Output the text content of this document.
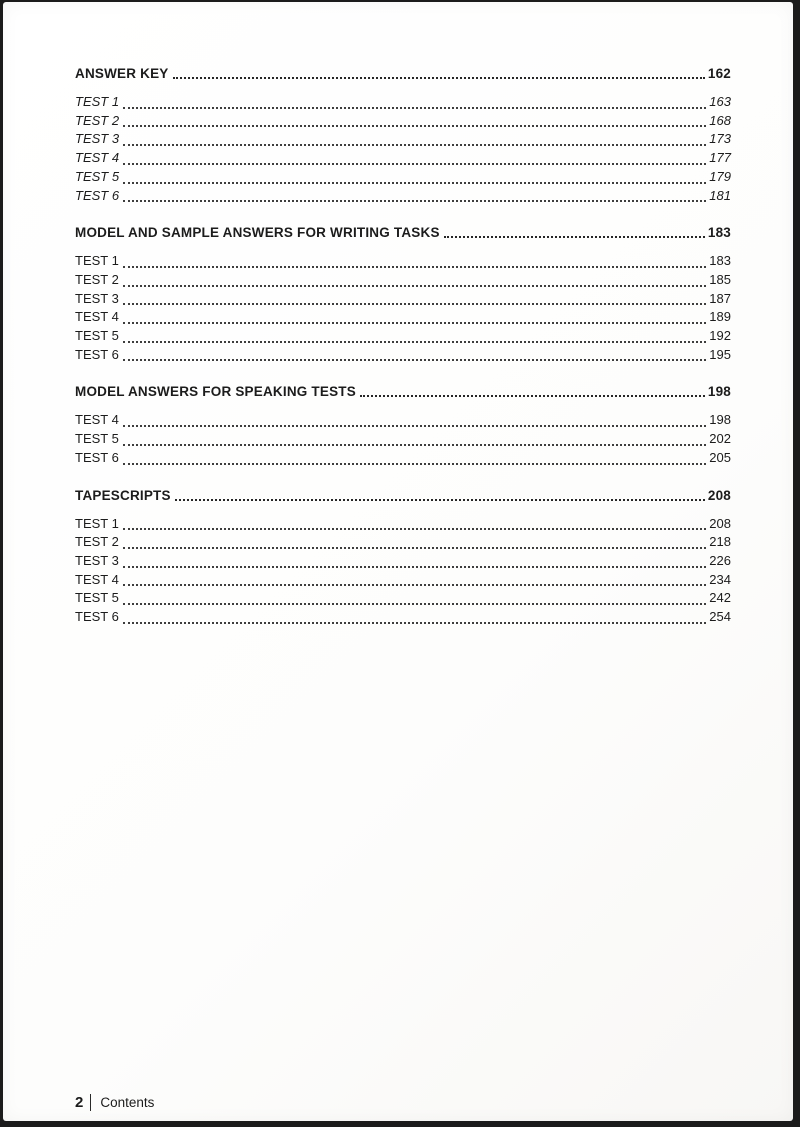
ANSWER KEY	162
TEST 1	163
TEST 2	168
TEST 3	173
TEST 4	177
TEST 5	179
TEST 6	181
MODEL AND SAMPLE ANSWERS FOR WRITING TASKS	183
TEST 1	183
TEST 2	185
TEST 3	187
TEST 4	189
TEST 5	192
TEST 6	195
MODEL ANSWERS FOR SPEAKING TESTS	198
TEST 4	198
TEST 5	202
TEST 6	205
TAPESCRIPTS	208
TEST 1	208
TEST 2	218
TEST 3	226
TEST 4	234
TEST 5	242
TEST 6	254
2 Contents
